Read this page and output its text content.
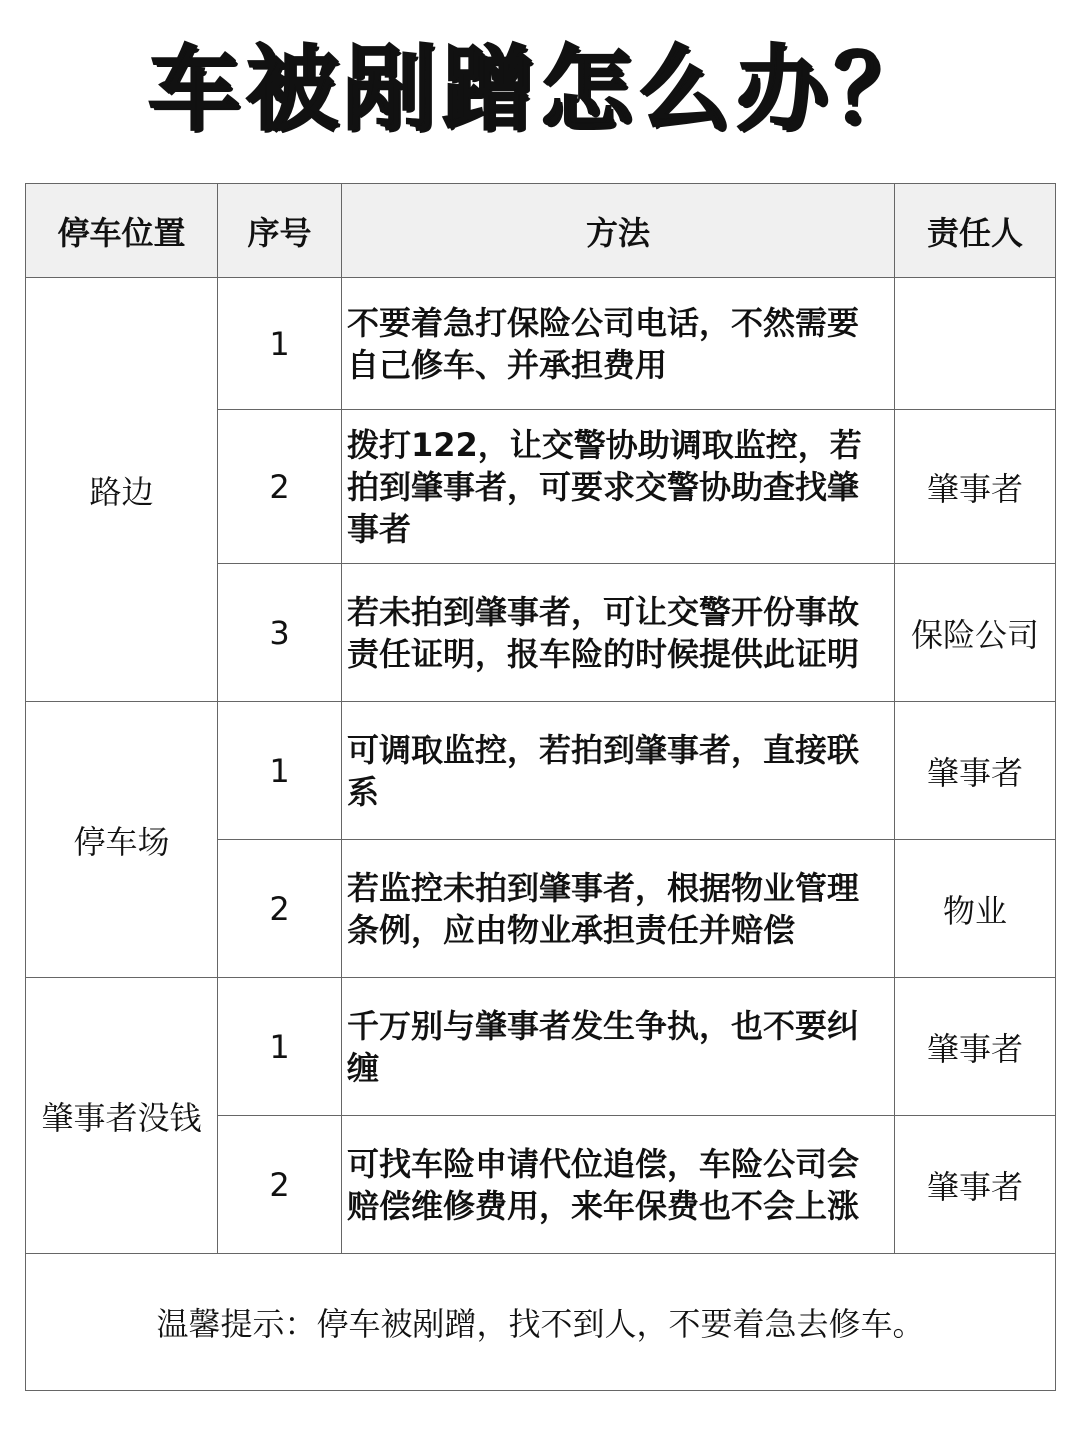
车被剐蹭怎么办？
停车位置	序号	方法	责任人
路边	1	不要着急打保险公司电话，不然需要自己修车、并承担费用	
	2	拨打122，让交警协助调取监控，若拍到肇事者，可要求交警协助查找肇事者	肇事者
	3	若未拍到肇事者，可让交警开份事故责任证明，报车险的时候提供此证明	保险公司
停车场	1	可调取监控，若拍到肇事者，直接联系	肇事者
	2	若监控未拍到肇事者，根据物业管理条例，应由物业承担责任并赔偿	物业
肇事者没钱	1	千万别与肇事者发生争执，也不要纠缠	肇事者
	2	可找车险申请代位追偿，车险公司会赔偿维修费用，来年保费也不会上涨	肇事者
温馨提示：停车被剐蹭，找不到人，不要着急去修车。			
